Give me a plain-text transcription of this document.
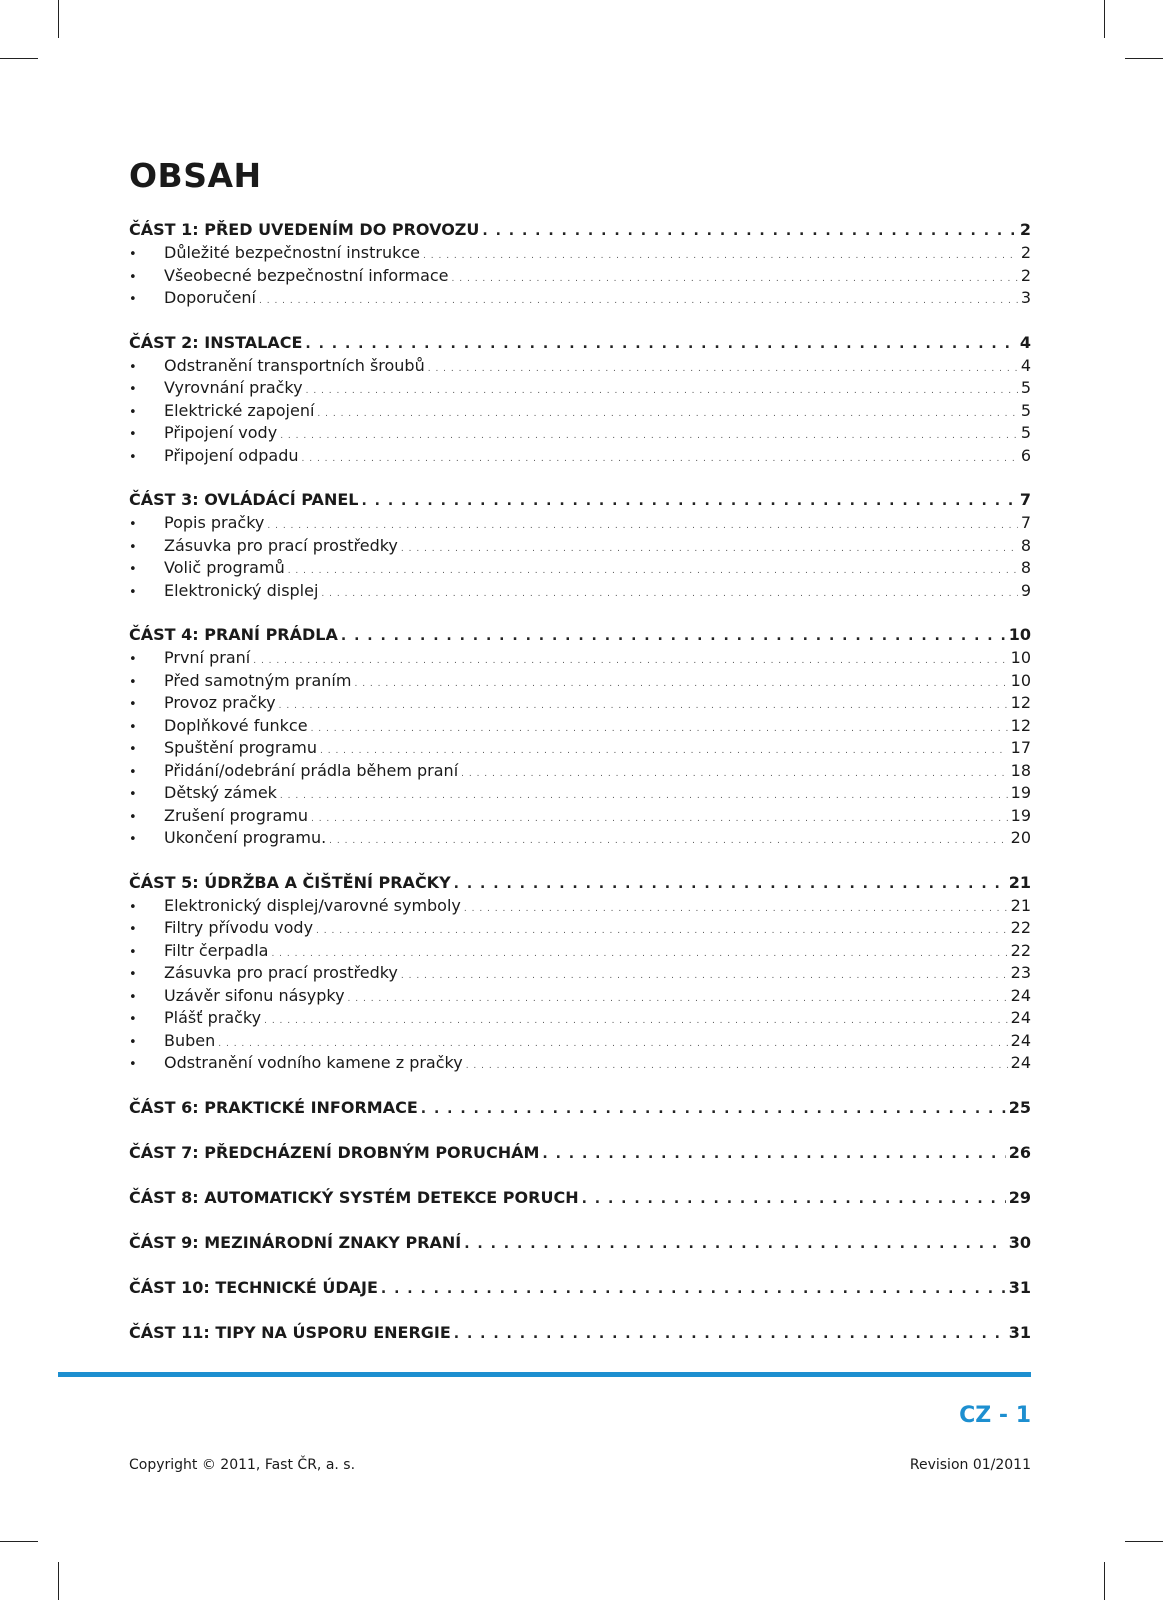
OBSAH
ČÁST 1: PŘED UVEDENÍM DO PROVOZU . . .	2
•	Důležité bezpečnostní instrukce . . .	2
•	Všeobecné bezpečnostní informace . . .	2
•	Doporučení . . .	3
ČÁST 2: INSTALACE . . .	4
•	Odstranění transportních šroubů . . .	4
•	Vyrovnání pračky . . .	5
•	Elektrické zapojení . . .	5
•	Připojení vody . . .	5
•	Připojení odpadu . . .	6
ČÁST 3: OVLÁDÁCÍ PANEL . . .	7
•	Popis pračky . . .	7
•	Zásuvka pro prací prostředky . . .	8
•	Volič programů . . .	8
•	Elektronický displej . . .	9
ČÁST 4: PRANÍ PRÁDLA . . .	10
•	První praní . . .	10
•	Před samotným praním . . .	10
•	Provoz pračky . . .	12
•	Doplňkové funkce . . .	12
•	Spuštění programu . . .	17
•	Přidání/odebrání prádla během praní . . .	18
•	Dětský zámek . . .	19
•	Zrušení programu . . .	19
•	Ukončení programu. . . .	20
ČÁST 5: ÚDRŽBA A ČIŠTĚNÍ PRAČKY . . .	21
•	Elektronický displej/varovné symboly . . .	21
•	Filtry přívodu vody . . .	22
•	Filtr čerpadla . . .	22
•	Zásuvka pro prací prostředky . . .	23
•	Uzávěr sifonu násypky . . .	24
•	Plášť pračky . . .	24
•	Buben . . .	24
•	Odstranění vodního kamene z pračky . . .	24
ČÁST 6: PRAKTICKÉ INFORMACE . . .	25
ČÁST 7: PŘEDCHÁZENÍ DROBNÝM PORUCHÁM . . .	26
ČÁST 8: AUTOMATICKÝ SYSTÉM DETEKCE PORUCH . . .	29
ČÁST 9: MEZINÁRODNÍ ZNAKY PRANÍ . . .	30
ČÁST 10: TECHNICKÉ ÚDAJE . . .	31
ČÁST 11: TIPY NA ÚSPORU ENERGIE . . .	31
CZ - 1
Copyright © 2011, Fast ČR, a. s.	Revision 01/2011
